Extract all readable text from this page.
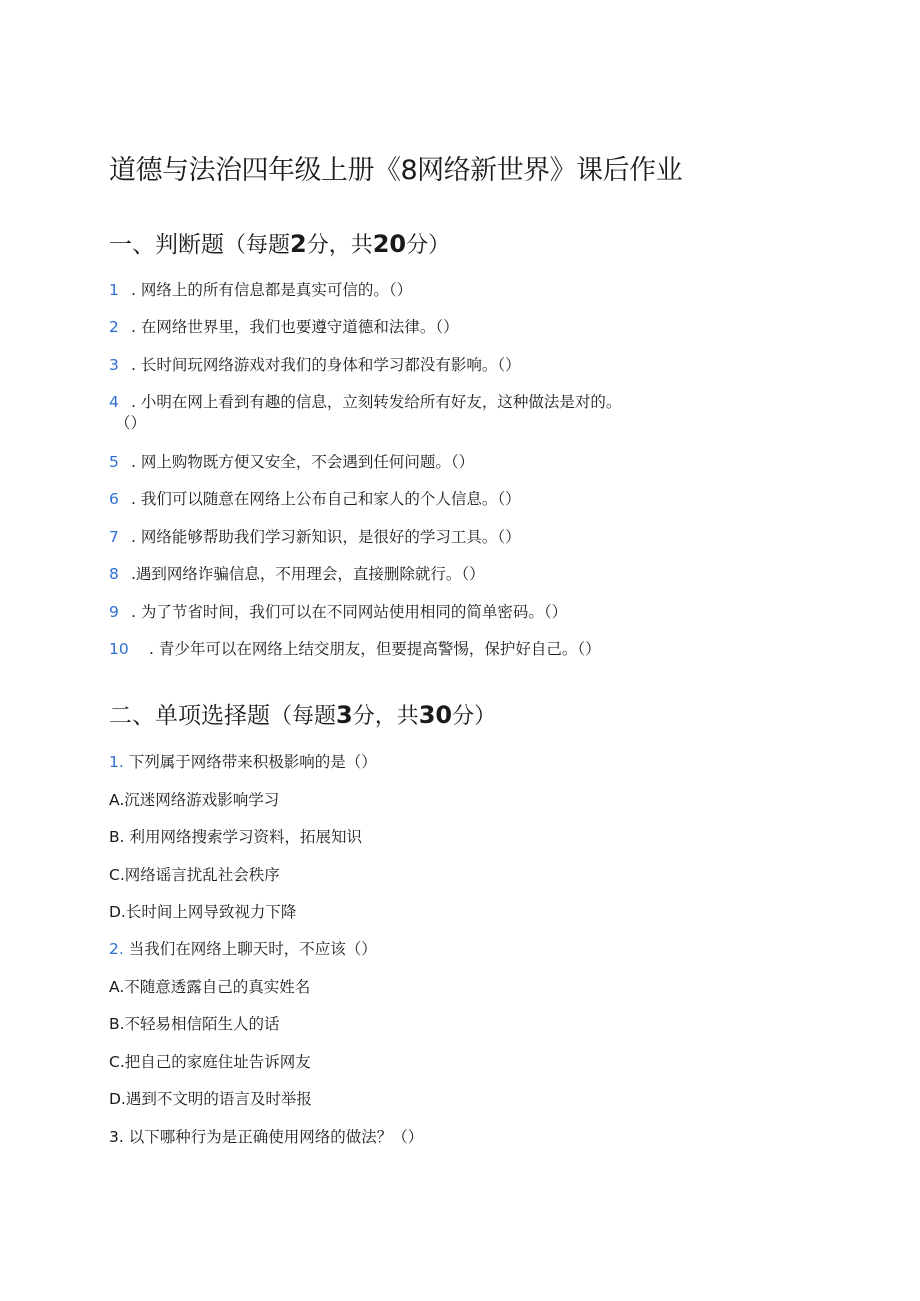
道德与法治四年级上册《8网络新世界》课后作业
一、判断题（每题2分，共20分）
1 . 网络上的所有信息都是真实可信的。（）
2 . 在网络世界里，我们也要遵守道德和法律。（）
3 . 长时间玩网络游戏对我们的身体和学习都没有影响。（）
4 . 小明在网上看到有趣的信息，立刻转发给所有好友，这种做法是对的。
（）
5 . 网上购物既方便又安全，不会遇到任何问题。（）
6 . 我们可以随意在网络上公布自己和家人的个人信息。（）
7 . 网络能够帮助我们学习新知识，是很好的学习工具。（）
8 .遇到网络诈骗信息，不用理会，直接删除就行。（）
9 . 为了节省时间，我们可以在不同网站使用相同的简单密码。（）
10 . 青少年可以在网络上结交朋友，但要提高警惕，保护好自己。（）
二、单项选择题（每题3分，共30分）
1. 下列属于网络带来积极影响的是（）
A.沉迷网络游戏影响学习
B. 利用网络搜索学习资料，拓展知识
C.网络谣言扰乱社会秩序
D.长时间上网导致视力下降
2. 当我们在网络上聊天时，不应该（）
A.不随意透露自己的真实姓名
B.不轻易相信陌生人的话
C.把自己的家庭住址告诉网友
D.遇到不文明的语言及时举报
3. 以下哪种行为是正确使用网络的做法？（）
